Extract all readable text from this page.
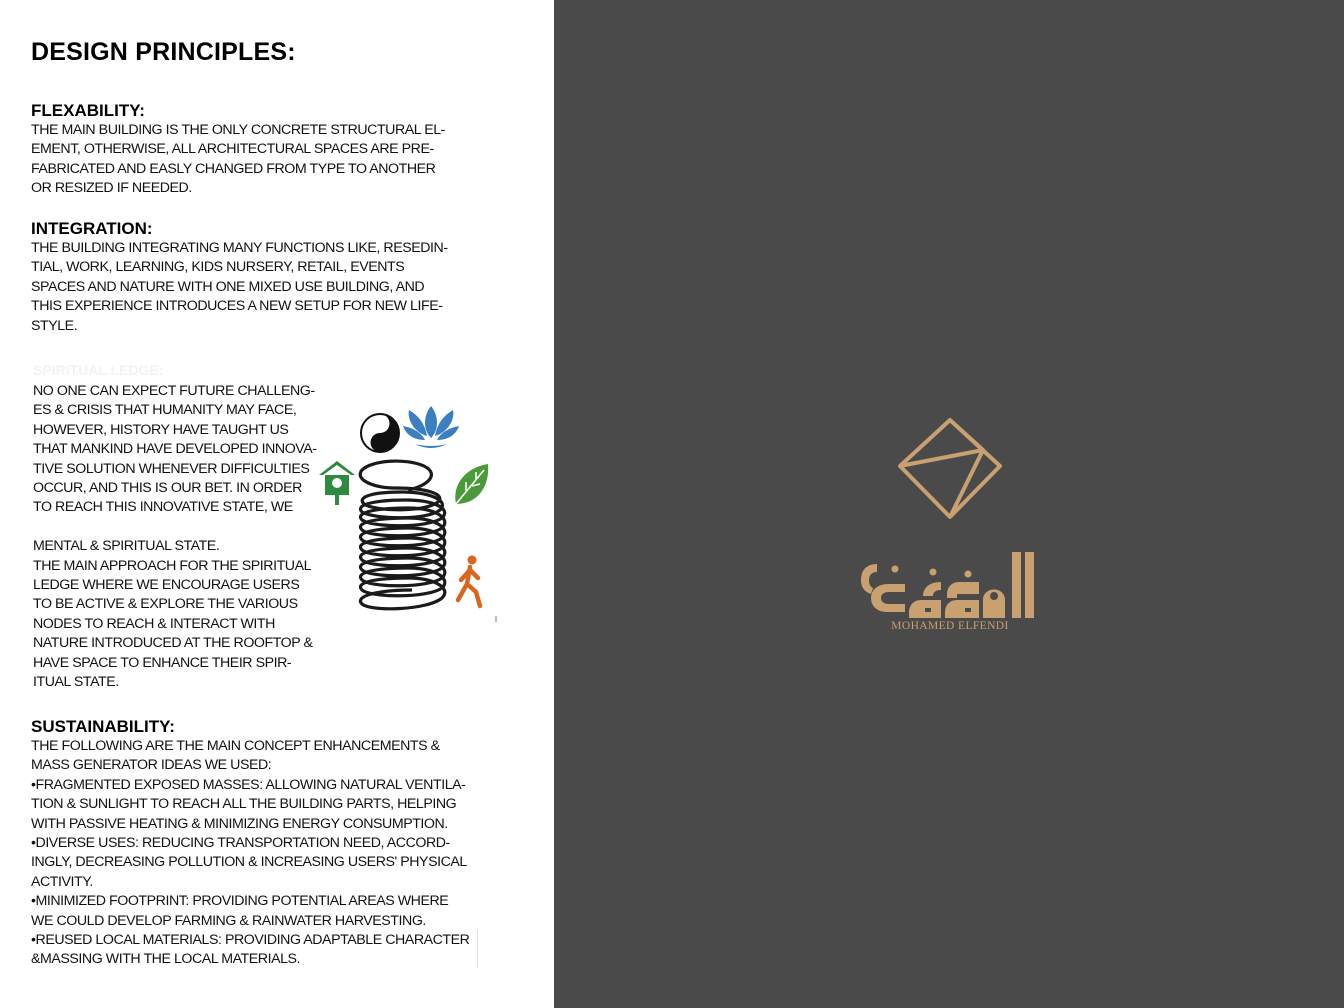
DESIGN PRINCIPLES:
FLEXABILITY:

THE MAIN BUILDING IS THE ONLY CONCRETE STRUCTURAL EL-
EMENT, OTHERWISE, ALL ARCHITECTURAL SPACES ARE PRE-
FABRICATED AND EASLY CHANGED FROM TYPE TO ANOTHER
OR RESIZED IF NEEDED.

INTEGRATION:

THE BUILDING INTEGRATING MANY FUNCTIONS LIKE, RESEDIN-
TIAL, WORK, LEARNING, KIDS NURSERY, RETAIL, EVENTS
SPACES AND NATURE WITH ONE MIXED USE BUILDING, AND
THIS EXPERIENCE INTRODUCES A NEW SETUP FOR NEW LIFE-
STYLE.

SPIRITUAL LEDGE:

NO ONE CAN EXPECT FUTURE CHALLENG-
ES & CRISIS THAT HUMANITY MAY FACE,
HOWEVER, HISTORY HAVE TAUGHT US
THAT MANKIND HAVE DEVELOPED INNOVA-
TIVE SOLUTION WHENEVER DIFFICULTIES
OCCUR, AND THIS IS OUR BET. IN ORDER
TO REACH THIS INNOVATIVE STATE, WE

MENTAL & SPIRITUAL STATE.
THE MAIN APPROACH FOR THE SPIRITUAL
LEDGE WHERE WE ENCOURAGE USERS
TO BE ACTIVE & EXPLORE THE VARIOUS
NODES TO REACH & INTERACT WITH
NATURE INTRODUCED AT THE ROOFTOP &
HAVE SPACE TO ENHANCE THEIR SPIR-
ITUAL STATE.

SUSTAINABILITY:

THE FOLLOWING ARE THE MAIN CONCEPT ENHANCEMENTS &
MASS GENERATOR IDEAS WE USED:
•FRAGMENTED EXPOSED MASSES: ALLOWING NATURAL VENTILA-
TION & SUNLIGHT TO REACH ALL THE BUILDING PARTS, HELPING
WITH PASSIVE HEATING & MINIMIZING ENERGY CONSUMPTION.
•DIVERSE USES: REDUCING TRANSPORTATION NEED, ACCORD-
INGLY, DECREASING POLLUTION & INCREASING USERS' PHYSICAL
ACTIVITY.
•MINIMIZED FOOTPRINT: PROVIDING POTENTIAL AREAS WHERE
WE COULD DEVELOP FARMING & RAINWATER HARVESTING.
•REUSED LOCAL MATERIALS: PROVIDING ADAPTABLE CHARACTER
&MASSING WITH THE LOCAL MATERIALS.

MOHAMED ELFENDI
